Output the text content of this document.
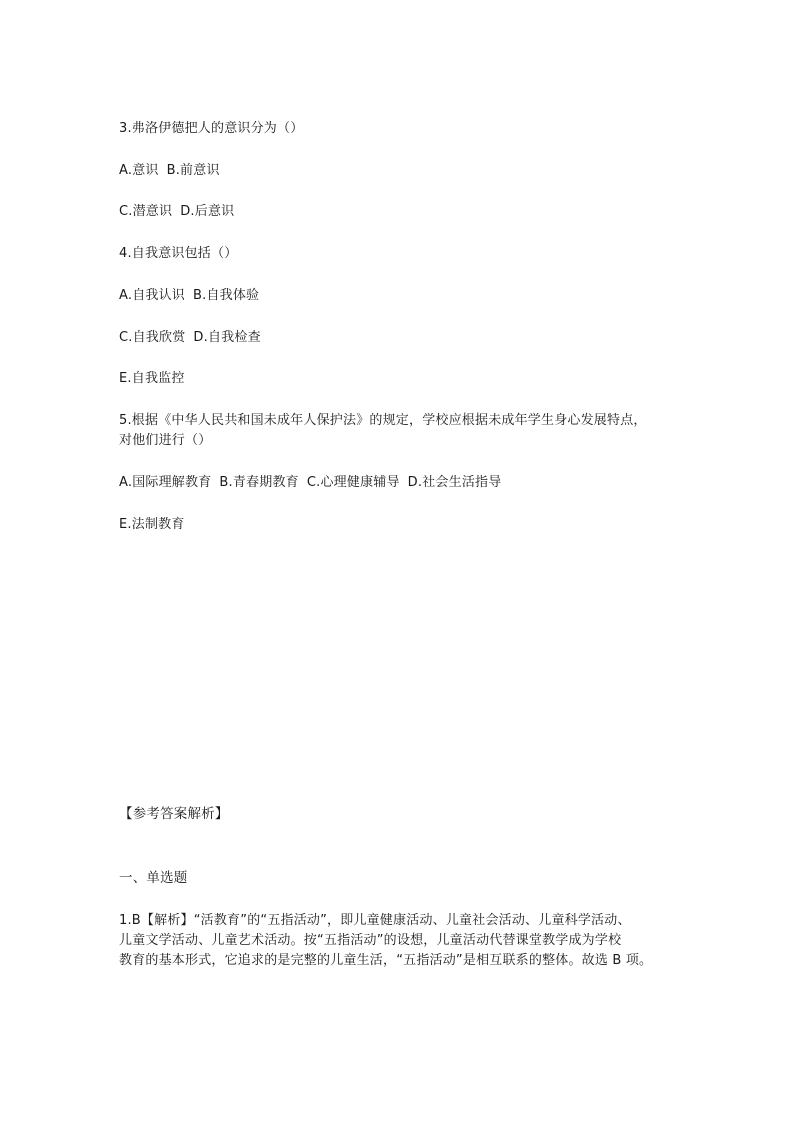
3.弗洛伊德把人的意识分为（）
A.意识 B.前意识
C.潜意识 D.后意识
4.自我意识包括（）
A.自我认识 B.自我体验
C.自我欣赏 D.自我检查
E.自我监控
5.根据《中华人民共和国未成年人保护法》的规定，学校应根据未成年学生身心发展特点，
对他们进行（）
A.国际理解教育 B.青春期教育 C.心理健康辅导 D.社会生活指导
E.法制教育
【参考答案解析】
一、单选题
1.B【解析】“活教育”的“五指活动”，即儿童健康活动、儿童社会活动、儿童科学活动、
儿童文学活动、儿童艺术活动。按“五指活动”的设想，儿童活动代替课堂教学成为学校
教育的基本形式，它追求的是完整的儿童生活，“五指活动”是相互联系的整体。故选 B 项。
